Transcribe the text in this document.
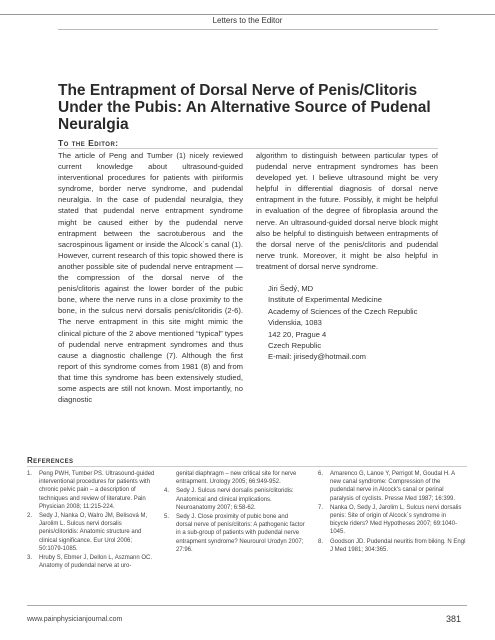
Letters to the Editor
The Entrapment of Dorsal Nerve of Penis/Clitoris Under the Pubis: An Alternative Source of Pudenal Neuralgia
To the Editor:

The article of Peng and Tumber (1) nicely reviewed current knowledge about ultrasound-guided interventional procedures for patients with piriformis syndrome, border nerve syndrome, and pudendal neuralgia. In the case of pudendal neuralgia, they stated that pudendal nerve entrapment syndrome might be caused either by the pudendal nerve entrapment between the sacrotuberous and the sacrospinous ligament or inside the Alcock´s canal (1). However, current research of this topic showed there is another possible site of pudendal nerve entrapment — the compression of the dorsal nerve of the penis/clitoris against the lower border of the pubic bone, where the nerve runs in a close proximity to the bone, in the sulcus nervi dorsalis penis/clitoridis (2-6). The nerve entrapment in this site might mimic the clinical picture of the 2 above mentioned “typical” types of pudendal nerve entrapment syndromes and thus cause a diagnostic challenge (7). Although the first report of this syndrome comes from 1981 (8) and from that time this syndrome has been extensively studied, some aspects are still not known. Most importantly, no diagnostic

algorithm to distinguish between particular types of pudendal nerve entrapment syndromes has been developed yet. I believe ultrasound might be very helpful in differential diagnosis of dorsal nerve entrapment in the future. Possibly, it might be helpful in evaluation of the degree of fibroplasia around the nerve. An ultrasound-guided dorsal nerve block might also be helpful to distinguish between entrapments of the dorsal nerve of the penis/clitoris and pudendal nerve trunk. Moreover, it might be also helpful in treatment of dorsal nerve syndrome.

Jiri Šedý, MD
Institute of Experimental Medicine
Academy of Sciences of the Czech Republic
Videnskia, 1083
142 20, Prague 4
Czech Republic
E-mail: jirisedy@hotmail.com

References
1.	Peng PWH, Tumber PS. Ultrasound-guided interventional procedures for patients with chronic pelvic pain – a description of techniques and review of literature. Pain Physician 2008; 11:215-224.
2.	Sedy J, Nanka O, Walro JM, Belisová M, Jarolim L. Sulcus nervi dorsalis penis/clitoridis: Anatomic structure and clinical significance. Eur Urol 2006; 50:1079-1085.
3.	Hruby S, Ebmer J, Dellon L, Aszmann OC. Anatomy of pudendal nerve at uro-
genital diaphragm – new critical site for nerve entrapment. Urology 2005; 66:949-952.
4.	Sedy J. Sulcus nervi dorsalis penis/clitoridis: Anatomical and clinical implications. Neuroanatomy 2007; 6:58-62.
5.	Sedy J. Close proximity of pubic bone and dorsal nerve of penis/clitoris: A pathogenic factor in a sub-group of patients with pudendal nerve entrapment syndrome? Neurourol Urodyn 2007; 27:96.
6.	Amarenco G, Lanoe Y, Perrigot M, Goudal H. A new canal syndrome: Compression of the pudendal nerve in Alcock's canal or perinal paralysis of cyclists. Presse Med 1987; 16:399.
7.	Nanka O, Sedy J, Jarolim L. Sulcus nervi dorsalis penis: Site of origin of Alcock´s syndrome in bicycle riders? Med Hypotheses 2007; 69:1040-1045.
8.	Goodson JD. Pudendal neuritis from biking. N Engl J Med 1981; 304:365.
www.painphysicianjournal.com	381
